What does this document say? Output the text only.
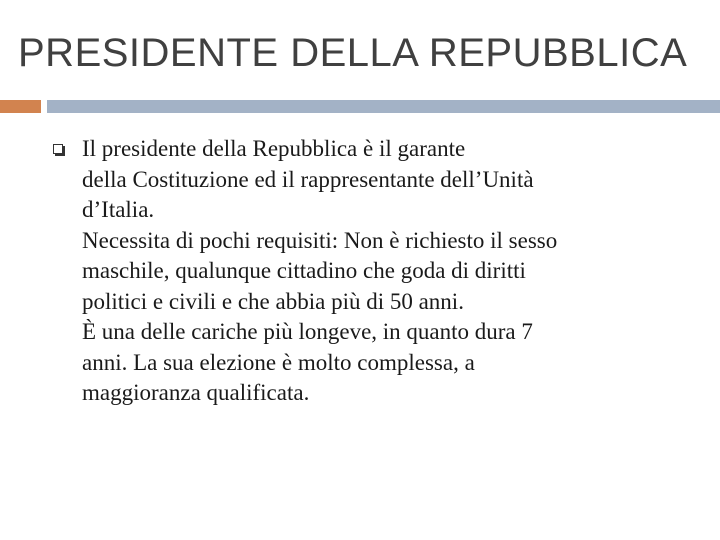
PRESIDENTE DELLA REPUBBLICA

Il presidente della Repubblica è il garante
della Costituzione ed il rappresentante dell’Unità
d’Italia.
Necessita di pochi requisiti: Non è richiesto il sesso
maschile, qualunque cittadino che goda di diritti
politici e civili e che abbia più di 50 anni.
È una delle cariche più longeve, in quanto dura 7
anni. La sua elezione è molto complessa, a
maggioranza qualificata.
